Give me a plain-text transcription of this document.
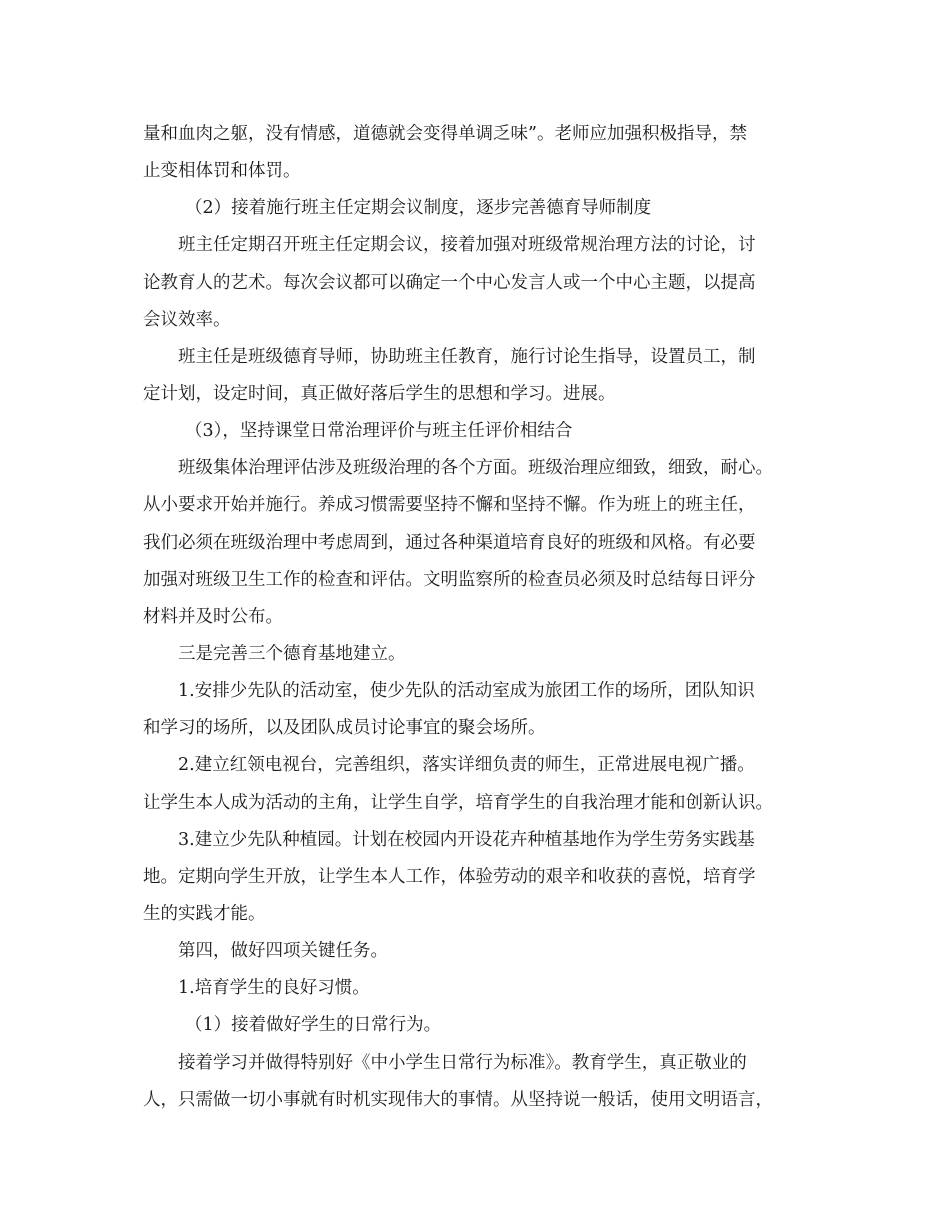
量和血肉之躯，没有情感，道德就会变得单调乏味”。老师应加强积极指导，禁
止变相体罚和体罚。
（2）接着施行班主任定期会议制度，逐步完善德育导师制度
班主任定期召开班主任定期会议，接着加强对班级常规治理方法的讨论，讨
论教育人的艺术。每次会议都可以确定一个中心发言人或一个中心主题，以提高
会议效率。
班主任是班级德育导师，协助班主任教育，施行讨论生指导，设置员工，制
定计划，设定时间，真正做好落后学生的思想和学习。进展。
（3），坚持课堂日常治理评价与班主任评价相结合
班级集体治理评估涉及班级治理的各个方面。班级治理应细致，细致，耐心。
从小要求开始并施行。养成习惯需要坚持不懈和坚持不懈。作为班上的班主任，
我们必须在班级治理中考虑周到，通过各种渠道培育良好的班级和风格。有必要
加强对班级卫生工作的检查和评估。文明监察所的检查员必须及时总结每日评分
材料并及时公布。
三是完善三个德育基地建立。
1.安排少先队的活动室，使少先队的活动室成为旅团工作的场所，团队知识
和学习的场所，以及团队成员讨论事宜的聚会场所。
2.建立红领电视台，完善组织，落实详细负责的师生，正常进展电视广播。
让学生本人成为活动的主角，让学生自学，培育学生的自我治理才能和创新认识。
3.建立少先队种植园。计划在校园内开设花卉种植基地作为学生劳务实践基
地。定期向学生开放，让学生本人工作，体验劳动的艰辛和收获的喜悦，培育学
生的实践才能。
第四，做好四项关键任务。
1.培育学生的良好习惯。
（1）接着做好学生的日常行为。
接着学习并做得特别好《中小学生日常行为标准》。教育学生，真正敬业的
人，只需做一切小事就有时机实现伟大的事情。从坚持说一般话，使用文明语言，
